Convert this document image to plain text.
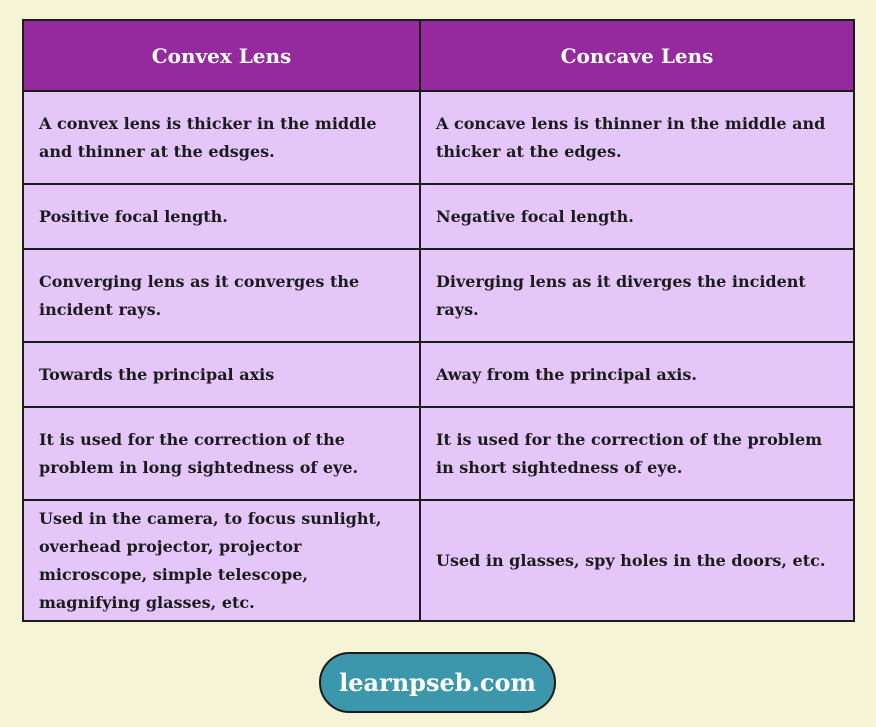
Convex Lens	Concave Lens
A convex lens is thicker in the middle and thinner at the edsges.	A concave lens is thinner in the middle and thicker at the edges.
Positive focal length.	Negative focal length.
Converging lens as it converges the incident rays.	Diverging lens as it diverges the incident rays.
Towards the principal axis	Away from the principal axis.
It is used for the correction of the problem in long sightedness of eye.	It is used for the correction of the problem in short sightedness of eye.
Used in the camera, to focus sunlight, overhead projector, projector microscope, simple telescope, magnifying glasses, etc.	Used in glasses, spy holes in the doors, etc.
learnpseb.com
